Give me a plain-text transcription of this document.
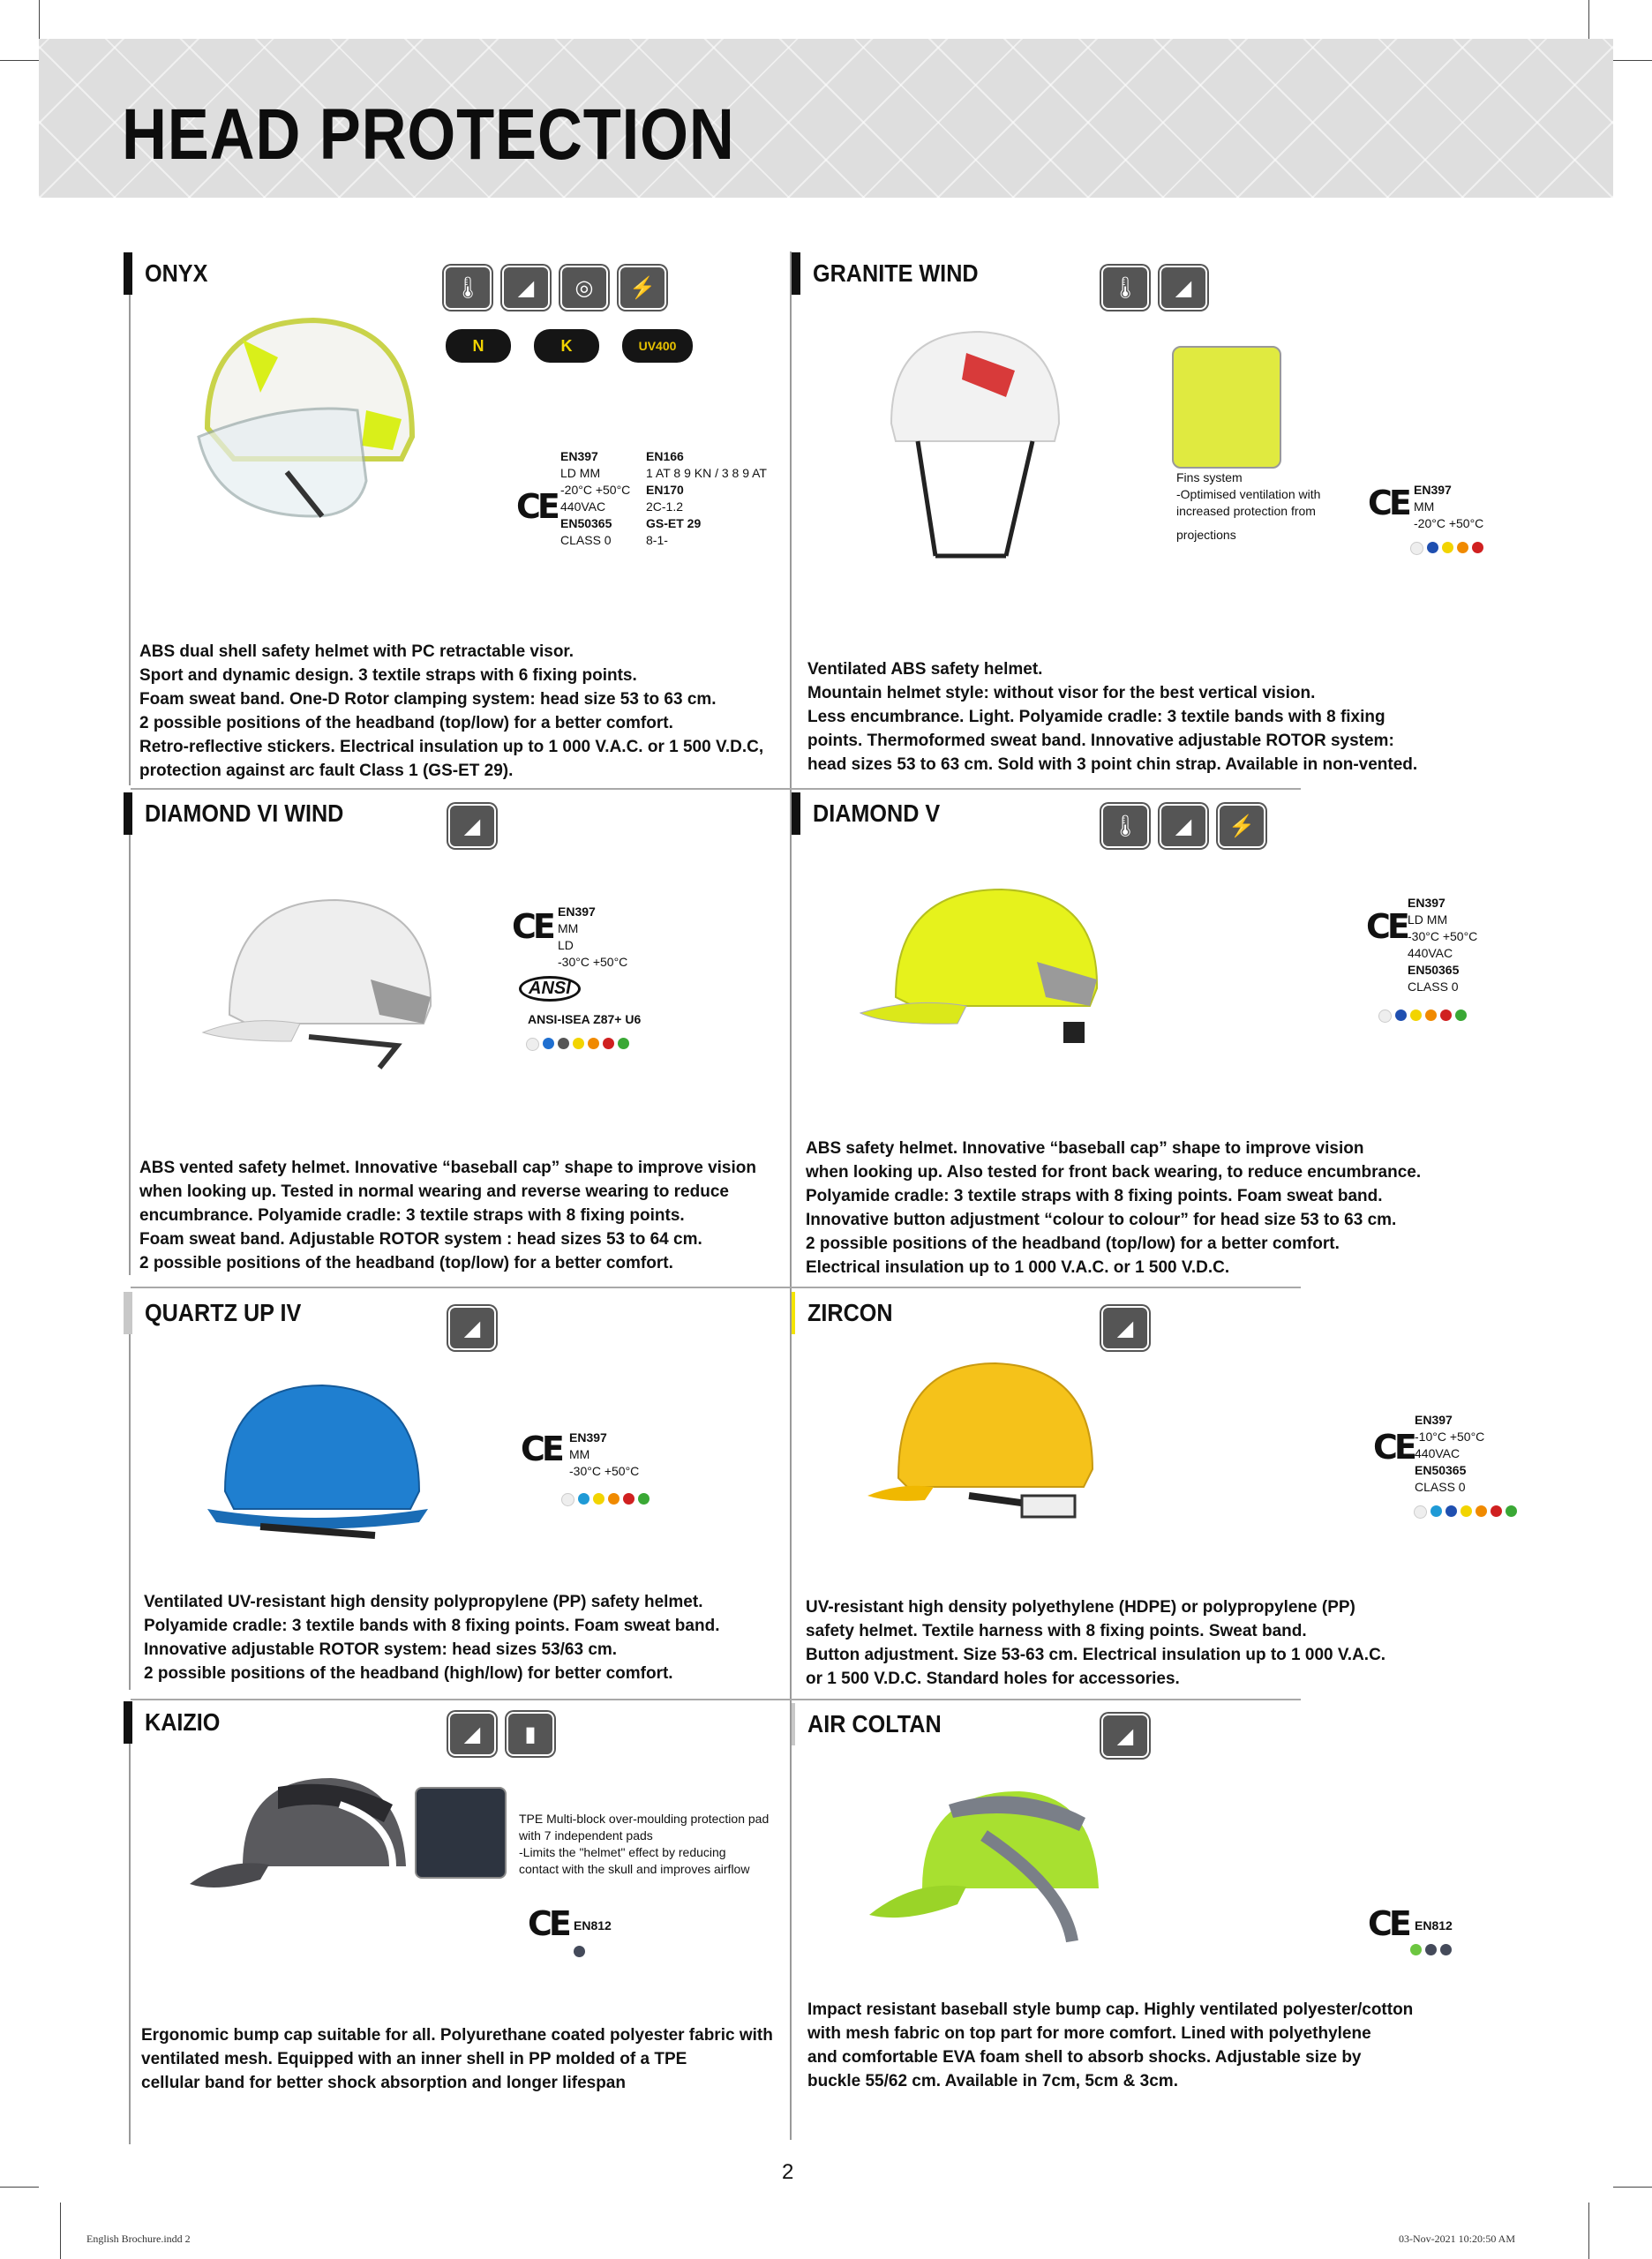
HEAD PROTECTION
ONYX
🌡	◢	◎	⚡
N	K	UV400
CE

EN397

LD MM

-20°C +50°C

440VAC

EN50365

CLASS 0

EN166

1 AT 8 9 KN / 3 8 9 AT

EN170

2C-1.2

GS-ET 29

8-1-

ABS dual shell safety helmet with PC retractable visor.

Sport and dynamic design. 3 textile straps with 6 fixing points.

Foam sweat band. One-D Rotor clamping system: head size 53 to 63 cm.

2 possible positions of the headband (top/low) for a better comfort.

Retro-reflective stickers. Electrical insulation up to 1 000 V.A.C. or 1 500 V.D.C,

protection against arc fault Class 1 (GS-ET 29).

GRANITE WIND
🌡	◢

Fins system

-Optimised ventilation with

increased protection from

projections

CE EN397

MM

-20°C +50°C

Ventilated ABS safety helmet.

Mountain helmet style: without visor for the best vertical vision.

Less encumbrance. Light. Polyamide cradle: 3 textile bands with 8 fixing

points. Thermoformed sweat band. Innovative adjustable ROTOR system:

head sizes 53 to 63 cm. Sold with 3 point chin strap. Available in non-vented.

DIAMOND VI WIND	◢
CE EN397

MM

LD

-30°C +50°C

ANSI

ANSI-ISEA Z87+ U6

ABS vented safety helmet. Innovative “baseball cap” shape to improve vision

when looking up. Tested in normal wearing and reverse wearing to reduce

encumbrance. Polyamide cradle: 3 textile straps with 8 fixing points.

Foam sweat band. Adjustable ROTOR system : head sizes 53 to 64 cm.

2 possible positions of the headband (top/low) for a better comfort.

DIAMOND V	🌡	◢	⚡
CE

EN397

LD MM

-30°C +50°C

440VAC

EN50365

CLASS 0

ABS safety helmet. Innovative “baseball cap” shape to improve vision

when looking up. Also tested for front back wearing, to reduce encumbrance.

Polyamide cradle: 3 textile straps with 8 fixing points. Foam sweat band.

Innovative button adjustment “colour to colour” for head size 53 to 63 cm.

2 possible positions of the headband (top/low) for a better comfort.

Electrical insulation up to 1 000 V.A.C. or 1 500 V.D.C.

QUARTZ UP IV
◢
CE EN397

MM

-30°C +50°C

Ventilated UV-resistant high density polypropylene (PP) safety helmet.

Polyamide cradle: 3 textile bands with 8 fixing points. Foam sweat band.

Innovative adjustable ROTOR system: head sizes 53/63 cm.

2 possible positions of the headband (high/low) for better comfort.

ZIRCON
◢
CE

EN397

-10°C +50°C

440VAC

EN50365

CLASS 0

UV-resistant high density polyethylene (HDPE) or polypropylene (PP)

safety helmet. Textile harness with 8 fixing points. Sweat band.

Button adjustment. Size 53-63 cm. Electrical insulation up to 1 000 V.A.C.

or 1 500 V.D.C. Standard holes for accessories.

KAIZIO	◢	▮

TPE Multi-block over-moulding protection pad

with 7 independent pads

-Limits the "helmet" effect by reducing

contact with the skull and improves airflow

CE EN812

Ergonomic bump cap suitable for all. Polyurethane coated polyester fabric with

ventilated mesh. Equipped with an inner shell in PP molded of a TPE

cellular band for better shock absorption and longer lifespan

AIR COLTAN	◢
CE EN812

Impact resistant baseball style bump cap. Highly ventilated polyester/cotton

with mesh fabric on top part for more comfort. Lined with polyethylene

and comfortable EVA foam shell to absorb shocks. Adjustable size by

buckle 55/62 cm. Available in 7cm, 5cm & 3cm.

2
English Brochure.indd 2	03-Nov-2021 10:20:50 AM
